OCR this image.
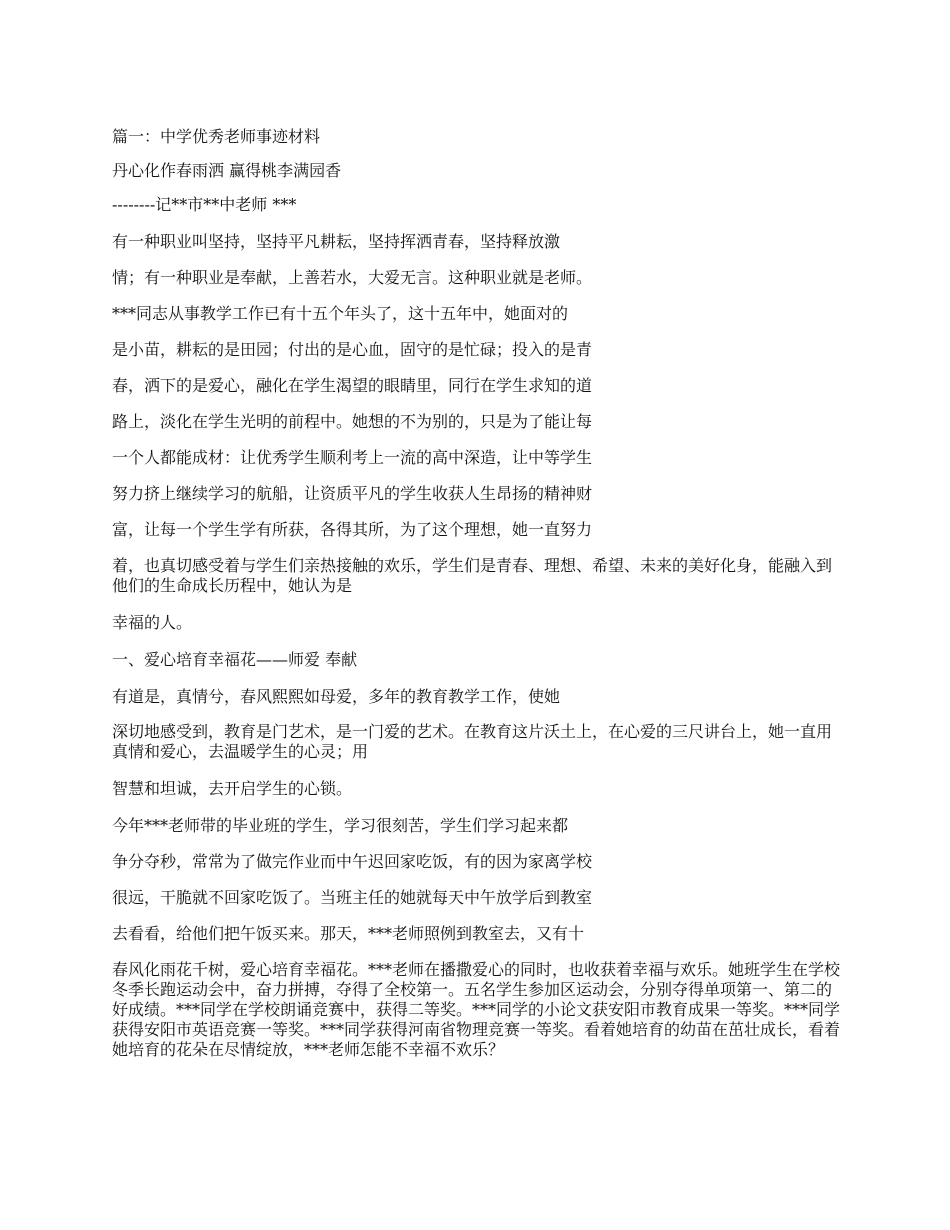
篇一：中学优秀老师事迹材料
丹心化作春雨洒 赢得桃李满园香
--------记**市**中老师 ***
有一种职业叫坚持，坚持平凡耕耘，坚持挥洒青春，坚持释放激
情；有一种职业是奉献，上善若水，大爱无言。这种职业就是老师。
***同志从事教学工作已有十五个年头了，这十五年中，她面对的
是小苗，耕耘的是田园；付出的是心血，固守的是忙碌；投入的是青
春，洒下的是爱心，融化在学生渴望的眼睛里，同行在学生求知的道
路上，淡化在学生光明的前程中。她想的不为别的，只是为了能让每
一个人都能成材：让优秀学生顺利考上一流的高中深造，让中等学生
努力挤上继续学习的航船，让资质平凡的学生收获人生昂扬的精神财
富，让每一个学生学有所获，各得其所，为了这个理想，她一直努力
着，也真切感受着与学生们亲热接触的欢乐，学生们是青春、理想、希望、未来的美好化身，能融入到他们的生命成长历程中，她认为是
幸福的人。
一、爱心培育幸福花——师爱 奉献
有道是，真情兮，春风熙熙如母爱，多年的教育教学工作，使她
深切地感受到，教育是门艺术，是一门爱的艺术。在教育这片沃土上，在心爱的三尺讲台上，她一直用真情和爱心，去温暖学生的心灵；用
智慧和坦诚，去开启学生的心锁。
今年***老师带的毕业班的学生，学习很刻苦，学生们学习起来都
争分夺秒，常常为了做完作业而中午迟回家吃饭，有的因为家离学校
很远，干脆就不回家吃饭了。当班主任的她就每天中午放学后到教室
去看看，给他们把午饭买来。那天，***老师照例到教室去，又有十
春风化雨花千树，爱心培育幸福花。***老师在播撒爱心的同时，也收获着幸福与欢乐。她班学生在学校冬季长跑运动会中，奋力拼搏，夺得了全校第一。五名学生参加区运动会，分别夺得单项第一、第二的好成绩。***同学在学校朗诵竞赛中，获得二等奖。***同学的小论文获安阳市教育成果一等奖。***同学获得安阳市英语竞赛一等奖。***同学获得河南省物理竞赛一等奖。看着她培育的幼苗在茁壮成长，看着她培育的花朵在尽情绽放，***老师怎能不幸福不欢乐？
